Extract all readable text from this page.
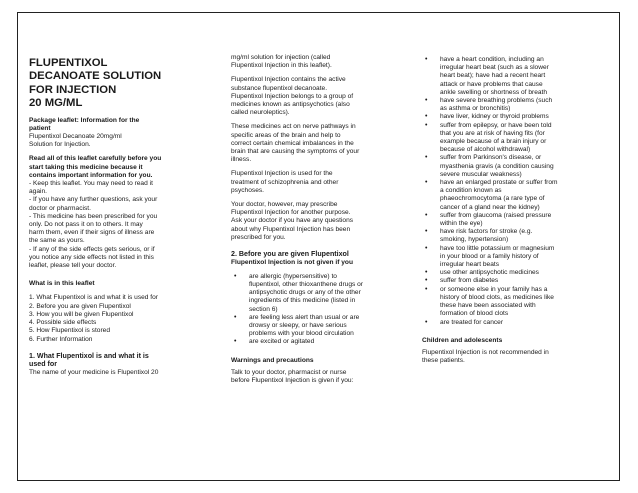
FLUPENTIXOL
DECANOATE SOLUTION
FOR INJECTION
20 MG/ML

Package leaflet: Information for the
patient
Flupentixol Decanoate 20mg/ml
Solution for Injection.

Read all of this leaflet carefully before you
start taking this medicine because it
contains important information for you.
- Keep this leaflet. You may need to read it
again.
- If you have any further questions, ask your
doctor or pharmacist.
- This medicine has been prescribed for you
only. Do not pass it on to others. It may
harm them, even if their signs of illness are
the same as yours.
- If any of the side effects gets serious, or if
you notice any side effects not listed in this
leaflet, please tell your doctor.

What is in this leaflet

1. What Flupentixol is and what it is used for
2. Before you are given Flupentixol
3. How you will be given Flupentixol
4. Possible side effects
5. How Flupentixol is stored
6. Further Information

1. What Flupentixol is and what it is
used for
The name of your medicine is Flupentixol 20

mg/ml solution for injection (called
Flupentixol Injection in this leaflet).

Flupentixol Injection contains the active
substance flupentixol decanoate.
Flupentixol Injection belongs to a group of
medicines known as antipsychotics (also
called neuroleptics).

These medicines act on nerve pathways in
specific areas of the brain and help to
correct certain chemical imbalances in the
brain that are causing the symptoms of your
illness.

Flupentixol Injection is used for the
treatment of schizophrenia and other
psychoses.

Your doctor, however, may prescribe
Flupentixol Injection for another purpose.
Ask your doctor if you have any questions
about why Flupentixol Injection has been
prescribed for you.

2. Before you are given Flupentixol
Flupentixol Injection is not given if you

• are allergic (hypersensitive) to
flupentixol, other thioxanthene drugs or
antipsychotic drugs or any of the other
ingredients of this medicine (listed in
section 6)
• are feeling less alert than usual or are
drowsy or sleepy, or have serious
problems with your blood circulation
• are excited or agitated

Warnings and precautions

Talk to your doctor, pharmacist or nurse
before Flupentixol Injection is given if you:

• have a heart condition, including an
irregular heart beat (such as a slower
heart beat); have had a recent heart
attack or have problems that cause
ankle swelling or shortness of breath
• have severe breathing problems (such
as asthma or bronchitis)
• have liver, kidney or thyroid problems
• suffer from epilepsy, or have been told
that you are at risk of having fits (for
example because of a brain injury or
because of alcohol withdrawal)
• suffer from Parkinson's disease, or
myasthenia gravis (a condition causing
severe muscular weakness)
• have an enlarged prostate or suffer from
a condition known as
phaeochromocytoma (a rare type of
cancer of a gland near the kidney)
• suffer from glaucoma (raised pressure
within the eye)
• have risk factors for stroke (e.g.
smoking, hypertension)
• have too little potassium or magnesium
in your blood or a family history of
irregular heart beats
• use other antipsychotic medicines
• suffer from diabetes
• or someone else in your family has a
history of blood clots, as medicines like
these have been associated with
formation of blood clots
• are treated for cancer

Children and adolescents

Flupentixol Injection is not recommended in
these patients.
